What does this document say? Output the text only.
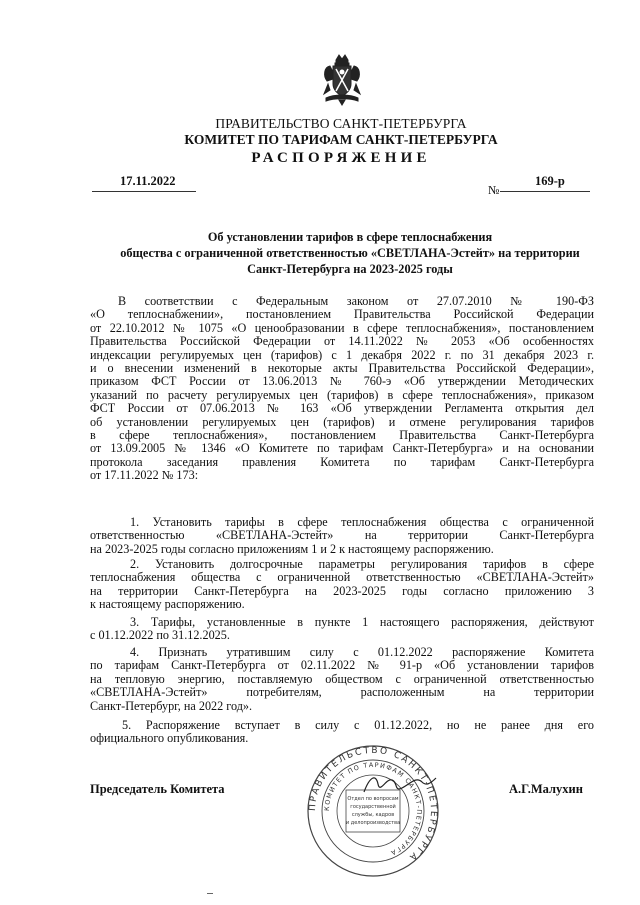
ПРАВИТЕЛЬСТВО САНКТ-ПЕТЕРБУРГА
КОМИТЕТ ПО ТАРИФАМ САНКТ-ПЕТЕРБУРГА
РАСПОРЯЖЕНИЕ
17.11.2022
№
169-р
Об установлении тарифов в сфере теплоснабжения
общества с ограниченной ответственностью «СВЕТЛАНА-Эстейт» на территории
Санкт-Петербурга на 2023-2025 годы
В соответствии с Федеральным законом от 27.07.2010 № 190-ФЗ
«О теплоснабжении», постановлением Правительства Российской Федерации
от 22.10.2012 № 1075 «О ценообразовании в сфере теплоснабжения», постановлением
Правительства Российской Федерации от 14.11.2022 № 2053 «Об особенностях
индексации регулируемых цен (тарифов) с 1 декабря 2022 г. по 31 декабря 2023 г.
и о внесении изменений в некоторые акты Правительства Российской Федерации»,
приказом ФСТ России от 13.06.2013 № 760-э «Об утверждении Методических
указаний по расчету регулируемых цен (тарифов) в сфере теплоснабжения», приказом
ФСТ России от 07.06.2013 № 163 «Об утверждении Регламента открытия дел
об установлении регулируемых цен (тарифов) и отмене регулирования тарифов
в сфере теплоснабжения», постановлением Правительства Санкт-Петербурга
от 13.09.2005 № 1346 «О Комитете по тарифам Санкт-Петербурга» и на основании
протокола заседания правления Комитета по тарифам Санкт-Петербурга
от 17.11.2022 № 173:
1. Установить тарифы в сфере теплоснабжения общества с ограниченной
ответственностью «СВЕТЛАНА-Эстейт» на территории Санкт-Петербурга
на 2023-2025 годы согласно приложениям 1 и 2 к настоящему распоряжению.
2. Установить долгосрочные параметры регулирования тарифов в сфере
теплоснабжения общества с ограниченной ответственностью «СВЕТЛАНА-Эстейт»
на территории Санкт-Петербурга на 2023-2025 годы согласно приложению 3
к настоящему распоряжению.
3. Тарифы, установленные в пункте 1 настоящего распоряжения, действуют
с 01.12.2022 по 31.12.2025.
4. Признать утратившим силу с 01.12.2022 распоряжение Комитета
по тарифам Санкт-Петербурга от 02.11.2022 № 91-р «Об установлении тарифов
на тепловую энергию, поставляемую обществом с ограниченной ответственностью
«СВЕТЛАНА-Эстейт» потребителям, расположенным на территории
Санкт-Петербург, на 2022 год».
5. Распоряжение вступает в силу с 01.12.2022, но не ранее дня его
официального опубликования.
ПРАВИТЕЛЬСТВО САНКТ-ПЕТЕРБУРГА
КОМИТЕТ ПО ТАРИФАМ САНКТ-ПЕТЕРБУРГА
Отдел по вопросам
государственной
службы, кадров
и делопроизводства
Председатель Комитета	А.Г.Малухин
